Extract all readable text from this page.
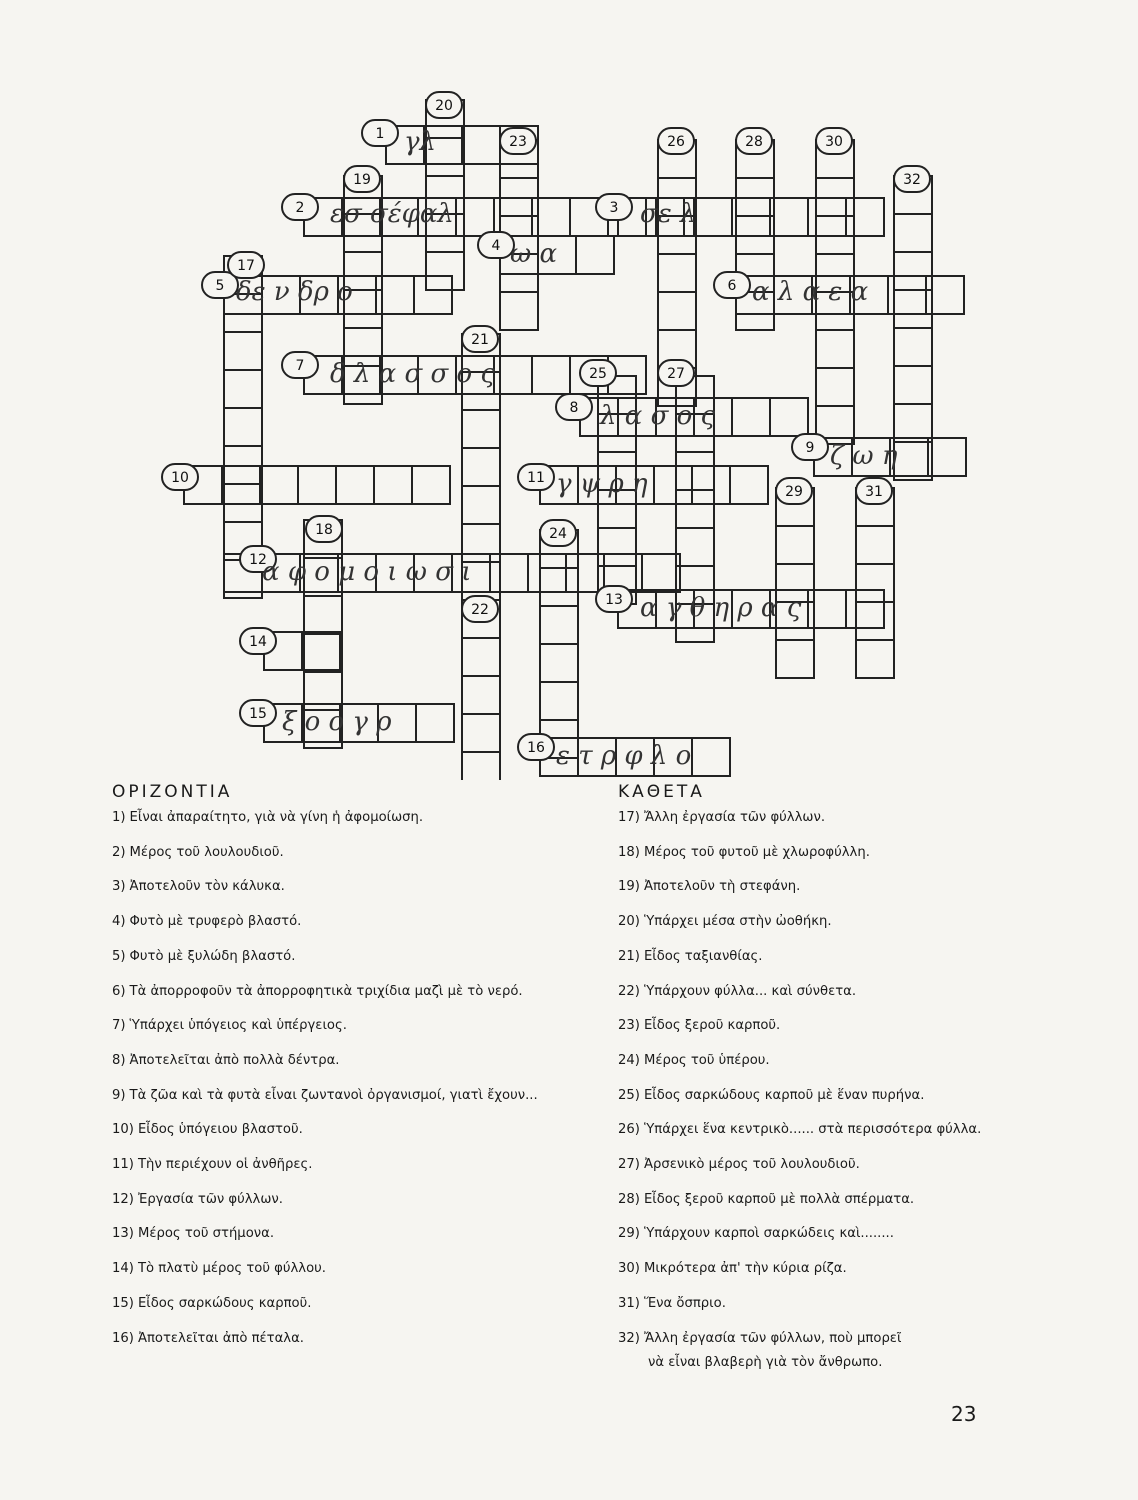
1
2	3
4
5	6
7
8
9
10	11
12
13
14
15
16
17
18
19
20
21
22
23
24
25
26
27
28
29
30
31
32
γλ
εσ σέφαλ	σε λ
ω α
δε ν δρ ο	α λ α ε α
δ λ α σ σ ο ς
λ α σ ο ς
ζ ω η
γ ψ ρ η
α φ ο μ ο ι ω σ ι
α γ θ η ρ α ς
ξ ο ο γ ρ
ε τ ρ φ λ ο
ΟΡΙΖΟΝΤΙΑ	ΚΑΘΕΤΑ
1) Εἶναι ἀπαραίτητο, γιὰ νὰ γίνη ἡ ἀφομοίωση.
2) Μέρος τοῦ λουλουδιοῦ.
3) Ἀποτελοῦν τὸν κάλυκα.
4) Φυτὸ μὲ τρυφερὸ βλαστό.
5) Φυτὸ μὲ ξυλώδη βλαστό.
6) Τὰ ἀπορροφοῦν τὰ ἀπορροφητικὰ τριχίδια μαζὶ μὲ τὸ νερό.
7) Ὑπάρχει ὑπόγειος καὶ ὑπέργειος.
8) Ἀποτελεῖται ἀπὸ πολλὰ δέντρα.
9) Τὰ ζῶα καὶ τὰ φυτὰ εἶναι ζωντανοὶ ὀργανισμοί, γιατὶ ἔχουν...
10) Εἶδος ὑπόγειου βλαστοῦ.
11) Τὴν περιέχουν οἱ ἀνθῆρες.
12) Ἐργασία τῶν φύλλων.
13) Μέρος τοῦ στήμονα.
14) Τὸ πλατὺ μέρος τοῦ φύλλου.
15) Εἶδος σαρκώδους καρποῦ.
16) Ἀποτελεῖται ἀπὸ πέταλα.
17) Ἄλλη ἐργασία τῶν φύλλων.
18) Μέρος τοῦ φυτοῦ μὲ χλωροφύλλη.
19) Ἀποτελοῦν τὴ στεφάνη.
20) Ὑπάρχει μέσα στὴν ὠοθήκη.
21) Εἶδος ταξιανθίας.
22) Ὑπάρχουν φύλλα... καὶ σύνθετα.
23) Εἶδος ξεροῦ καρποῦ.
24) Μέρος τοῦ ὑπέρου.
25) Εἶδος σαρκώδους καρποῦ μὲ ἕναν πυρήνα.
26) Ὑπάρχει ἕνα κεντρικὸ...... στὰ περισσότερα φύλλα.
27) Ἀρσενικὸ μέρος τοῦ λουλουδιοῦ.
28) Εἶδος ξεροῦ καρποῦ μὲ πολλὰ σπέρματα.
29) Ὑπάρχουν καρποὶ σαρκώδεις καὶ........
30) Μικρότερα ἀπ' τὴν κύρια ρίζα.
31) Ἕνα ὄσπριο.
32) Ἄλλη ἐργασία τῶν φύλλων, ποὺ μπορεῖ
νὰ εἶναι βλαβερὴ γιὰ τὸν ἄνθρωπο.
23
